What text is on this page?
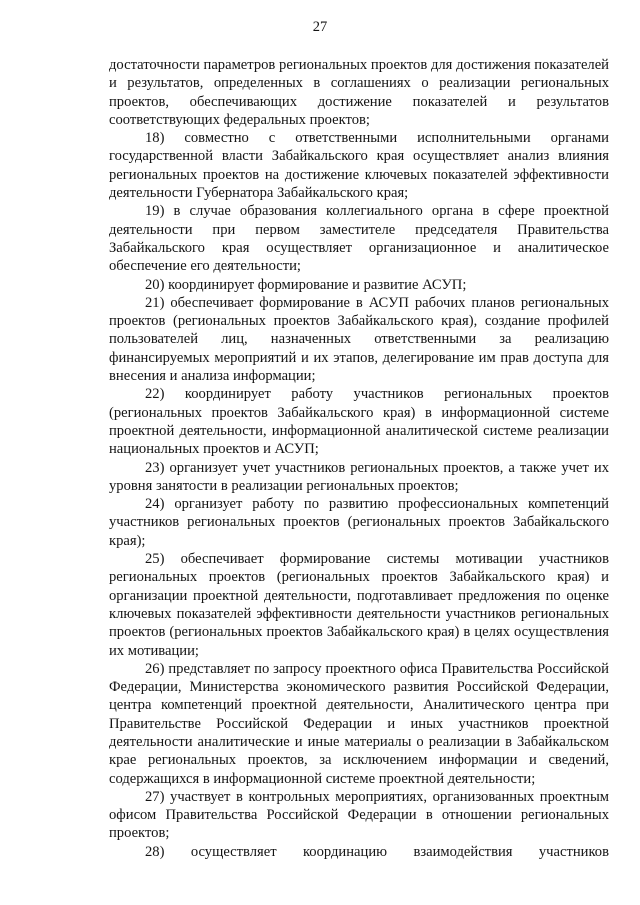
27

достаточности параметров региональных проектов для достижения показателей и результатов, определенных в соглашениях о реализации региональных проектов, обеспечивающих достижение показателей и результатов соответствующих федеральных проектов;

18) совместно с ответственными исполнительными органами государственной власти Забайкальского края осуществляет анализ влияния региональных проектов на достижение ключевых показателей эффективности деятельности Губернатора Забайкальского края;

19) в случае образования коллегиального органа в сфере проектной деятельности при первом заместителе председателя Правительства Забайкальского края осуществляет организационное и аналитическое обеспечение его деятельности;

20) координирует формирование и развитие АСУП;

21) обеспечивает формирование в АСУП рабочих планов региональных проектов (региональных проектов Забайкальского края), создание профилей пользователей лиц, назначенных ответственными за реализацию финансируемых мероприятий и их этапов, делегирование им прав доступа для внесения и анализа информации;

22) координирует работу участников региональных проектов (региональных проектов Забайкальского края) в информационной системе проектной деятельности, информационной аналитической системе реализации национальных проектов и АСУП;

23) организует учет участников региональных проектов, а также учет их уровня занятости в реализации региональных проектов;

24) организует работу по развитию профессиональных компетенций участников региональных проектов (региональных проектов Забайкальского края);

25) обеспечивает формирование системы мотивации участников региональных проектов (региональных проектов Забайкальского края) и организации проектной деятельности, подготавливает предложения по оценке ключевых показателей эффективности деятельности участников региональных проектов (региональных проектов Забайкальского края) в целях осуществления их мотивации;

26) представляет по запросу проектного офиса Правительства Российской Федерации, Министерства экономического развития Российской Федерации, центра компетенций проектной деятельности, Аналитического центра при Правительстве Российской Федерации и иных участников проектной деятельности аналитические и иные материалы о реализации в Забайкальском крае региональных проектов, за исключением информации и сведений, содержащихся в информационной системе проектной деятельности;

27) участвует в контрольных мероприятиях, организованных проектным офисом Правительства Российской Федерации в отношении региональных проектов;

28) осуществляет координацию взаимодействия участников
